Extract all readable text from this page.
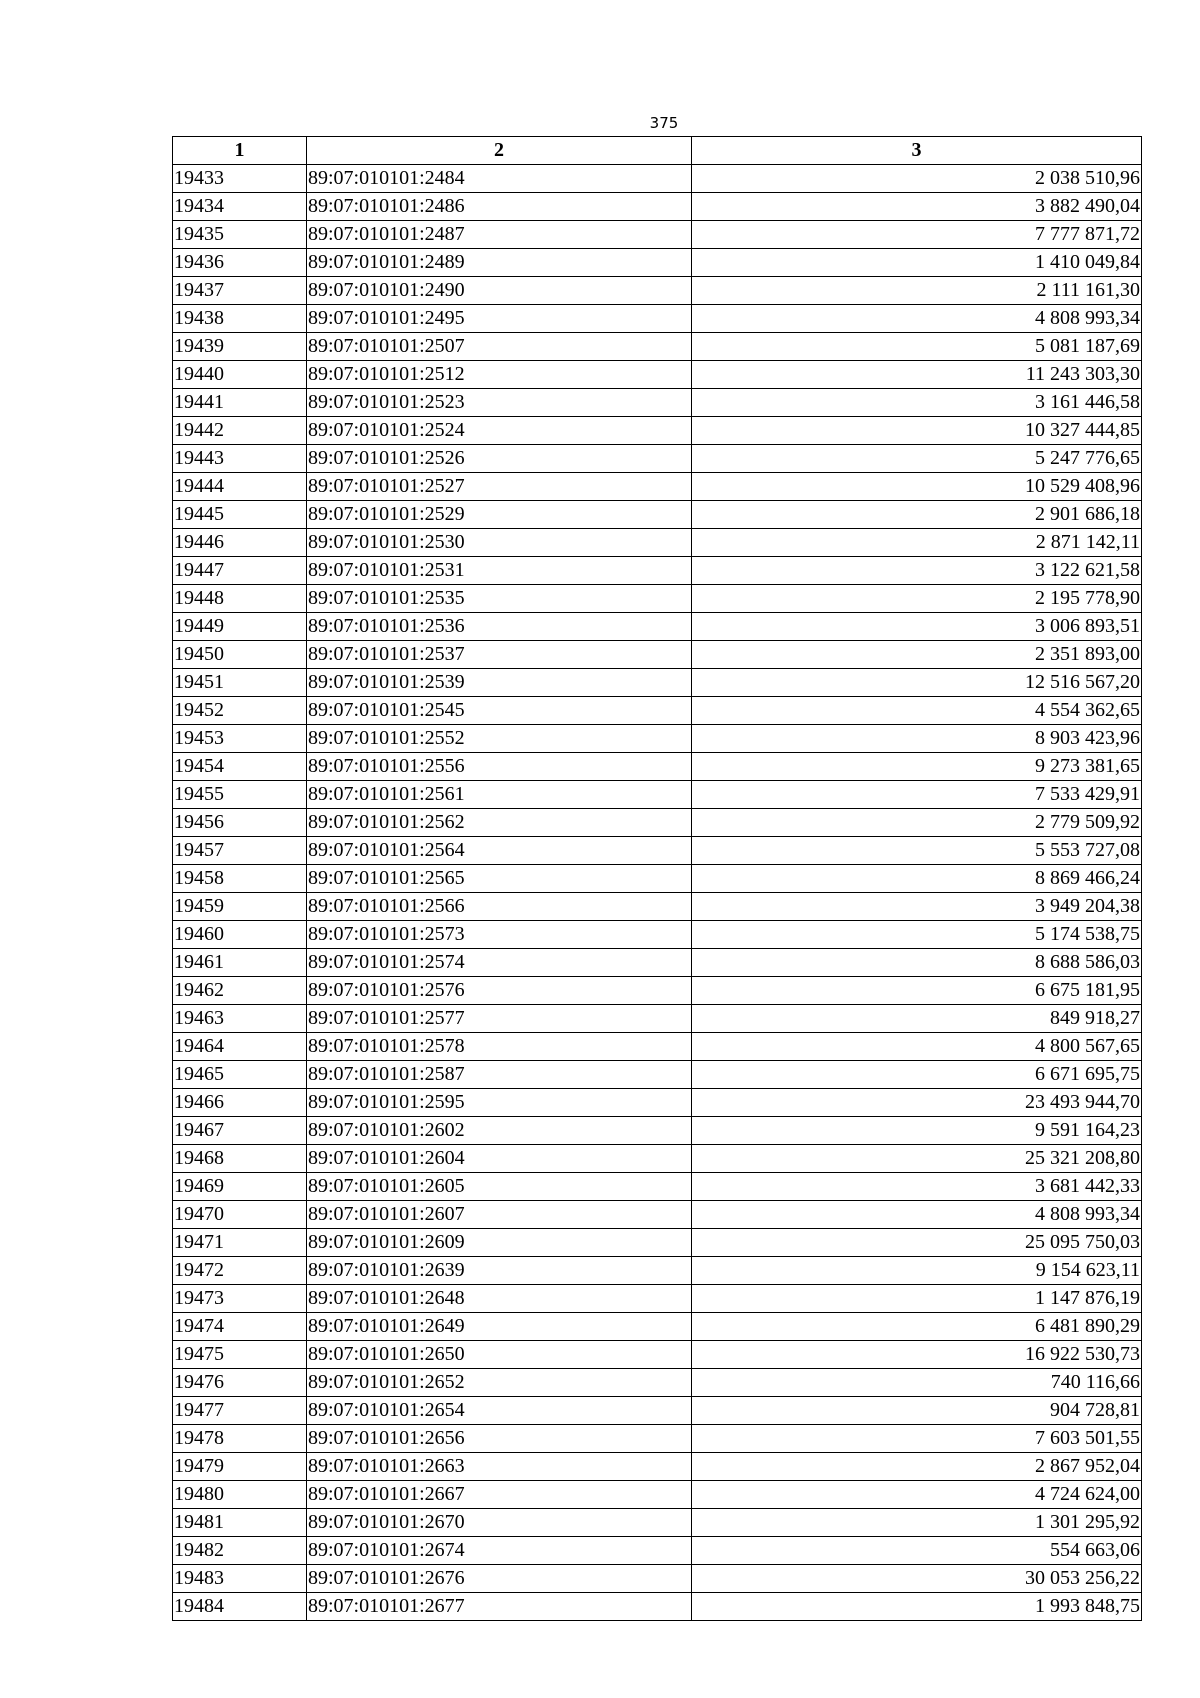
375
1	2	3
19433	89:07:010101:2484	2 038 510,96
19434	89:07:010101:2486	3 882 490,04
19435	89:07:010101:2487	7 777 871,72
19436	89:07:010101:2489	1 410 049,84
19437	89:07:010101:2490	2 111 161,30
19438	89:07:010101:2495	4 808 993,34
19439	89:07:010101:2507	5 081 187,69
19440	89:07:010101:2512	11 243 303,30
19441	89:07:010101:2523	3 161 446,58
19442	89:07:010101:2524	10 327 444,85
19443	89:07:010101:2526	5 247 776,65
19444	89:07:010101:2527	10 529 408,96
19445	89:07:010101:2529	2 901 686,18
19446	89:07:010101:2530	2 871 142,11
19447	89:07:010101:2531	3 122 621,58
19448	89:07:010101:2535	2 195 778,90
19449	89:07:010101:2536	3 006 893,51
19450	89:07:010101:2537	2 351 893,00
19451	89:07:010101:2539	12 516 567,20
19452	89:07:010101:2545	4 554 362,65
19453	89:07:010101:2552	8 903 423,96
19454	89:07:010101:2556	9 273 381,65
19455	89:07:010101:2561	7 533 429,91
19456	89:07:010101:2562	2 779 509,92
19457	89:07:010101:2564	5 553 727,08
19458	89:07:010101:2565	8 869 466,24
19459	89:07:010101:2566	3 949 204,38
19460	89:07:010101:2573	5 174 538,75
19461	89:07:010101:2574	8 688 586,03
19462	89:07:010101:2576	6 675 181,95
19463	89:07:010101:2577	849 918,27
19464	89:07:010101:2578	4 800 567,65
19465	89:07:010101:2587	6 671 695,75
19466	89:07:010101:2595	23 493 944,70
19467	89:07:010101:2602	9 591 164,23
19468	89:07:010101:2604	25 321 208,80
19469	89:07:010101:2605	3 681 442,33
19470	89:07:010101:2607	4 808 993,34
19471	89:07:010101:2609	25 095 750,03
19472	89:07:010101:2639	9 154 623,11
19473	89:07:010101:2648	1 147 876,19
19474	89:07:010101:2649	6 481 890,29
19475	89:07:010101:2650	16 922 530,73
19476	89:07:010101:2652	740 116,66
19477	89:07:010101:2654	904 728,81
19478	89:07:010101:2656	7 603 501,55
19479	89:07:010101:2663	2 867 952,04
19480	89:07:010101:2667	4 724 624,00
19481	89:07:010101:2670	1 301 295,92
19482	89:07:010101:2674	554 663,06
19483	89:07:010101:2676	30 053 256,22
19484	89:07:010101:2677	1 993 848,75
